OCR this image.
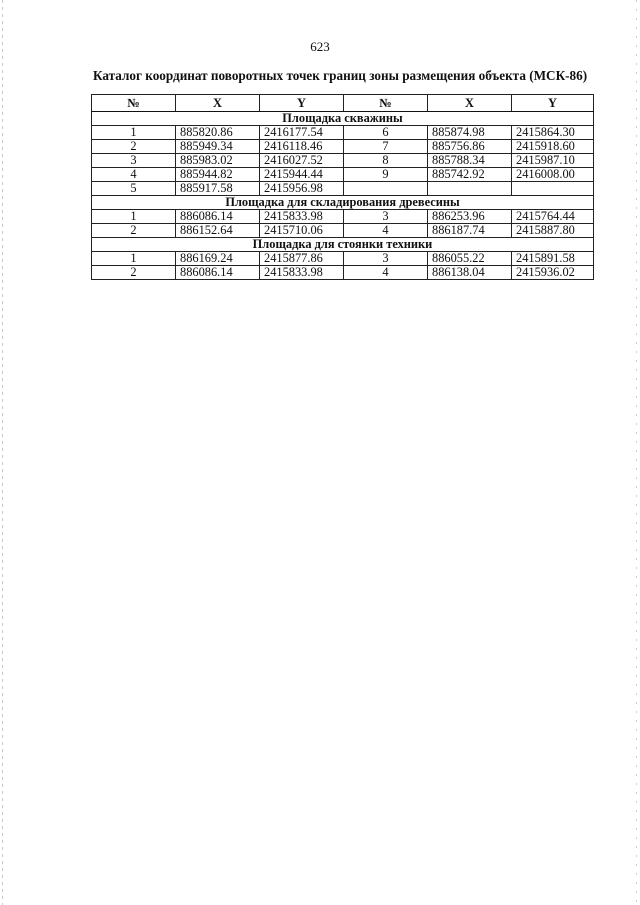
623
Каталог координат поворотных точек границ зоны размещения объекта (МСК-86)
№	X	Y	№	X	Y
Площадка скважины					
1	885820.86	2416177.54	6	885874.98	2415864.30
2	885949.34	2416118.46	7	885756.86	2415918.60
3	885983.02	2416027.52	8	885788.34	2415987.10
4	885944.82	2415944.44	9	885742.92	2416008.00
5	885917.58	2415956.98			
Площадка для складирования древесины					
1	886086.14	2415833.98	3	886253.96	2415764.44
2	886152.64	2415710.06	4	886187.74	2415887.80
Площадка для стоянки техники					
1	886169.24	2415877.86	3	886055.22	2415891.58
2	886086.14	2415833.98	4	886138.04	2415936.02
